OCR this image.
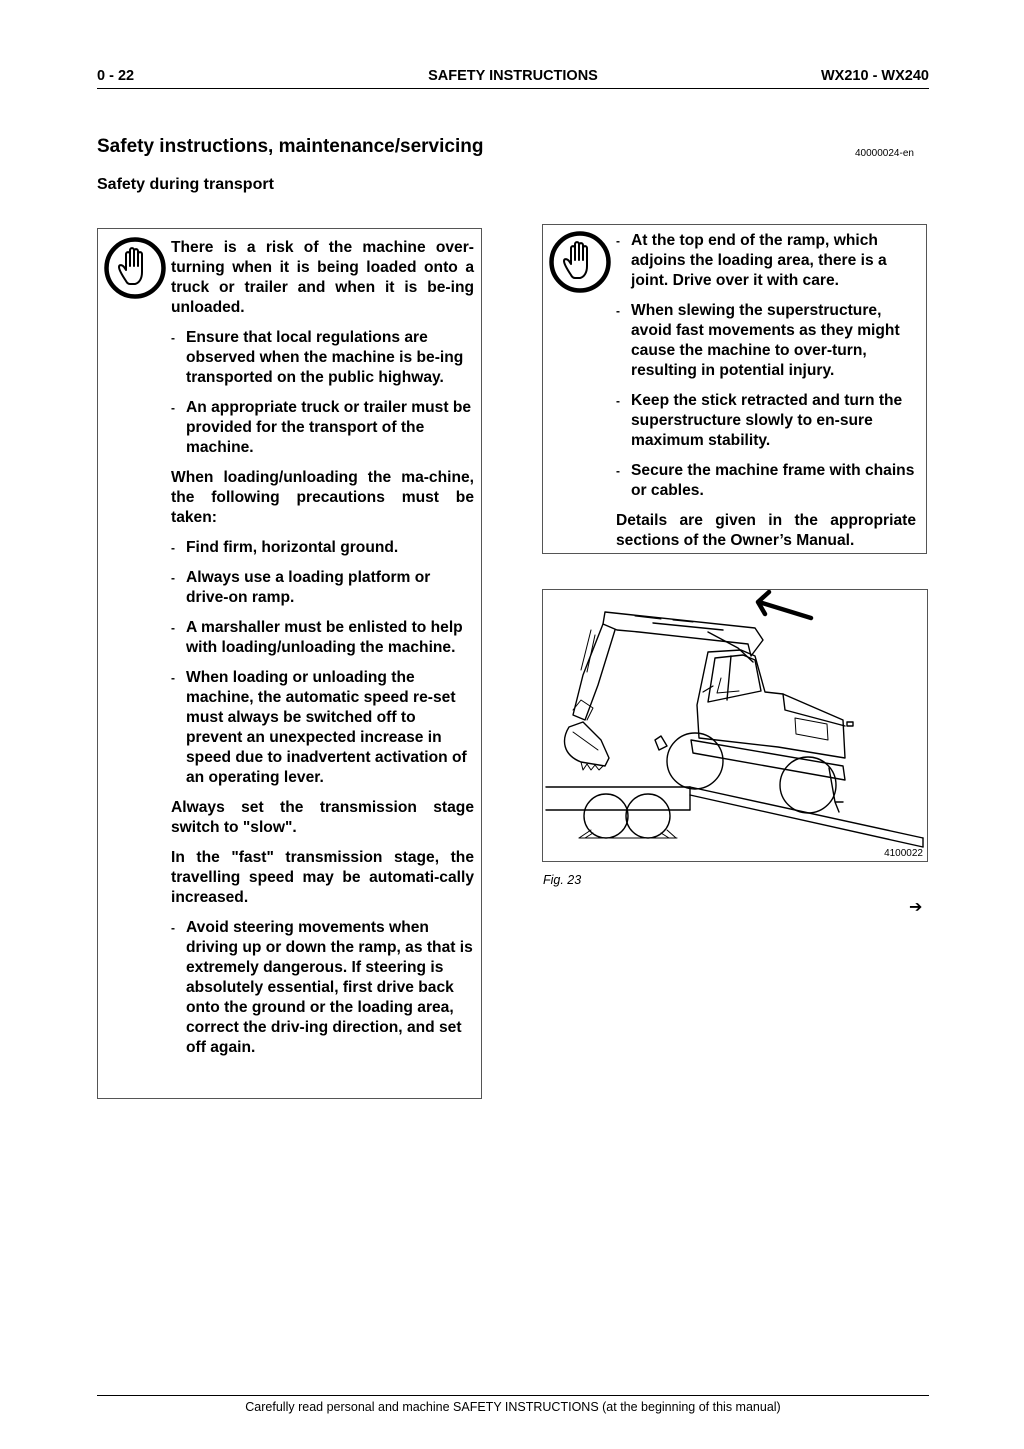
0 - 22	SAFETY INSTRUCTIONS	WX210 - WX240
Safety instructions, maintenance/servicing	40000024-en
Safety during transport

There is a risk of the machine over-turning when it is being loaded onto a truck or trailer and when it is be-ing unloaded.

- Ensure that local regulations are observed when the machine is be-ing transported on the public highway.
- An appropriate truck or trailer must be provided for the transport of the machine.

When loading/unloading the ma-chine, the following precautions must be taken:

- Find firm, horizontal ground.
- Always use a loading platform or drive-on ramp.
- A marshaller must be enlisted to help with loading/unloading the machine.
- When loading or unloading the machine, the automatic speed re-set must always be switched off to prevent an unexpected increase in speed due to inadvertent activation of an operating lever.

Always set the transmission stage switch to "slow".

In the "fast" transmission stage, the travelling speed may be automati-cally increased.

- Avoid steering movements when driving up or down the ramp, as that is extremely dangerous. If steering is absolutely essential, first drive back onto the ground or the loading area, correct the driv-ing direction, and set off again.
- At the top end of the ramp, which adjoins the loading area, there is a joint. Drive over it with care.
- When slewing the superstructure, avoid fast movements as they might cause the machine to over-turn, resulting in potential injury.
- Keep the stick retracted and turn the superstructure slowly to en-sure maximum stability.
- Secure the machine frame with chains or cables.

Details are given in the appropriate sections of the Owner’s Manual.

4100022
Fig. 23
➔
Carefully read personal and machine SAFETY INSTRUCTIONS (at the beginning of this manual)
